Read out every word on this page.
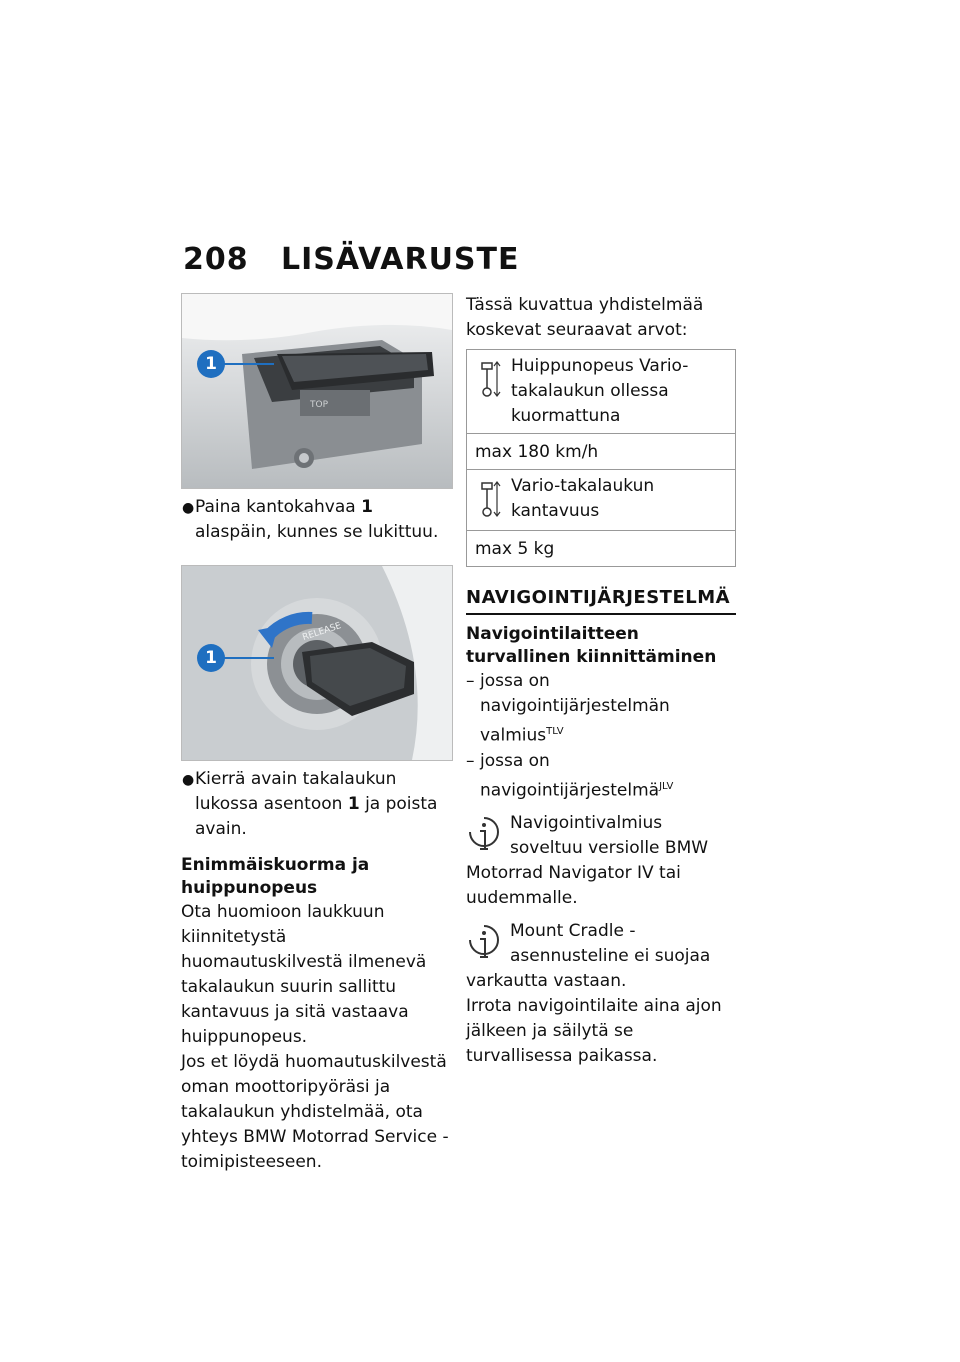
208 LISÄVARUSTE
1
TOP
● Paina kantokahvaa 1 alaspäin, kunnes se lukittuu.
1
RELEASE
● Kierrä avain takalaukun lukossa asentoon 1 ja poista avain.
Enimmäiskuorma ja huippunopeus

Ota huomioon laukkuun kiinnitetystä huomautuskilvestä ilmenevä takalaukun suurin sallittu kantavuus ja sitä vastaava huippunopeus.

Jos et löydä huomautuskilvestä oman moottoripyöräsi ja takalaukun yhdistelmää, ota yhteys BMW Motorrad Service -toimipisteeseen.

Tässä kuvattua yhdistelmää koskevat seuraavat arvot:

Huippunopeus Vario-takalaukun ollessa kuormattuna
max 180 km/h
Vario-takalaukun kantavuus
max 5 kg
NAVIGOINTIJÄRJESTELMÄ
Navigointilaitteen turvallinen kiinnittäminen
– jossa on navigointijärjestelmän valmius$^{TLV}$
– jossa on navigointijärjestelmä$^{JLV}$
Navigointivalmius soveltuu versiolle BMW Motorrad Navigator IV tai uudemmalle.
Mount Cradle - asennusteline ei suojaa varkautta vastaan.

Irrota navigointilaite aina ajon jälkeen ja säilytä se turvallisessa paikassa.
